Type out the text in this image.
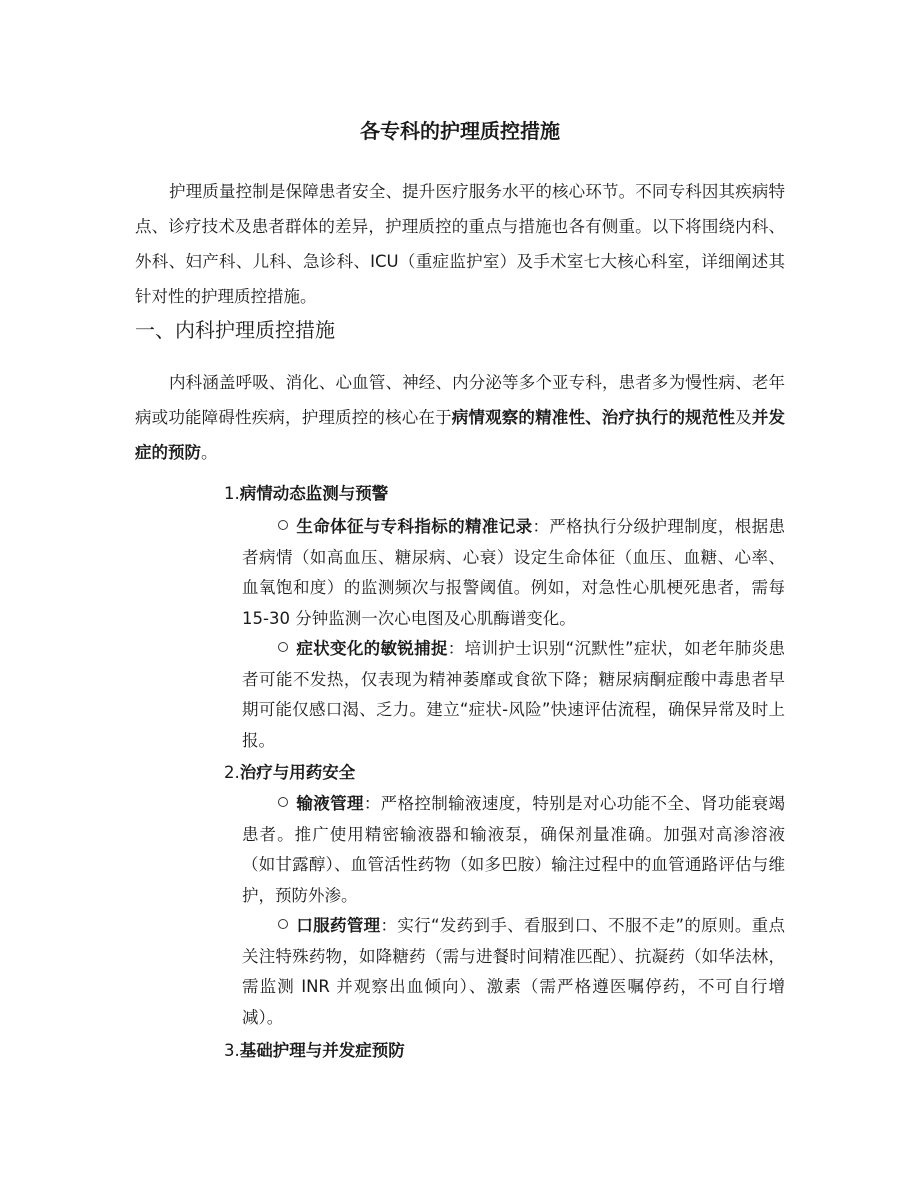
各专科的护理质控措施

护理质量控制是保障患者安全、提升医疗服务水平的核心环节。不同专科因其疾病特点、诊疗技术及患者群体的差异，护理质控的重点与措施也各有侧重。以下将围绕内科、外科、妇产科、儿科、急诊科、ICU（重症监护室）及手术室七大核心科室，详细阐述其针对性的护理质控措施。

一、内科护理质控措施

内科涵盖呼吸、消化、心血管、神经、内分泌等多个亚专科，患者多为慢性病、老年病或功能障碍性疾病，护理质控的核心在于病情观察的精准性、治疗执行的规范性及并发症的预防。

1.病情动态监测与预警

生命体征与专科指标的精准记录：严格执行分级护理制度，根据患者病情（如高血压、糖尿病、心衰）设定生命体征（血压、血糖、心率、血氧饱和度）的监测频次与报警阈值。例如，对急性心肌梗死患者，需每 15-30 分钟监测一次心电图及心肌酶谱变化。

症状变化的敏锐捕捉：培训护士识别“沉默性”症状，如老年肺炎患者可能不发热，仅表现为精神萎靡或食欲下降；糖尿病酮症酸中毒患者早期可能仅感口渴、乏力。建立“症状-风险”快速评估流程，确保异常及时上报。

2.治疗与用药安全

输液管理：严格控制输液速度，特别是对心功能不全、肾功能衰竭患者。推广使用精密输液器和输液泵，确保剂量准确。加强对高渗溶液（如甘露醇）、血管活性药物（如多巴胺）输注过程中的血管通路评估与维护，预防外渗。

口服药管理：实行“发药到手、看服到口、不服不走”的原则。重点关注特殊药物，如降糖药（需与进餐时间精准匹配）、抗凝药（如华法林，需监测 INR 并观察出血倾向）、激素（需严格遵医嘱停药，不可自行增减）。

3.基础护理与并发症预防
